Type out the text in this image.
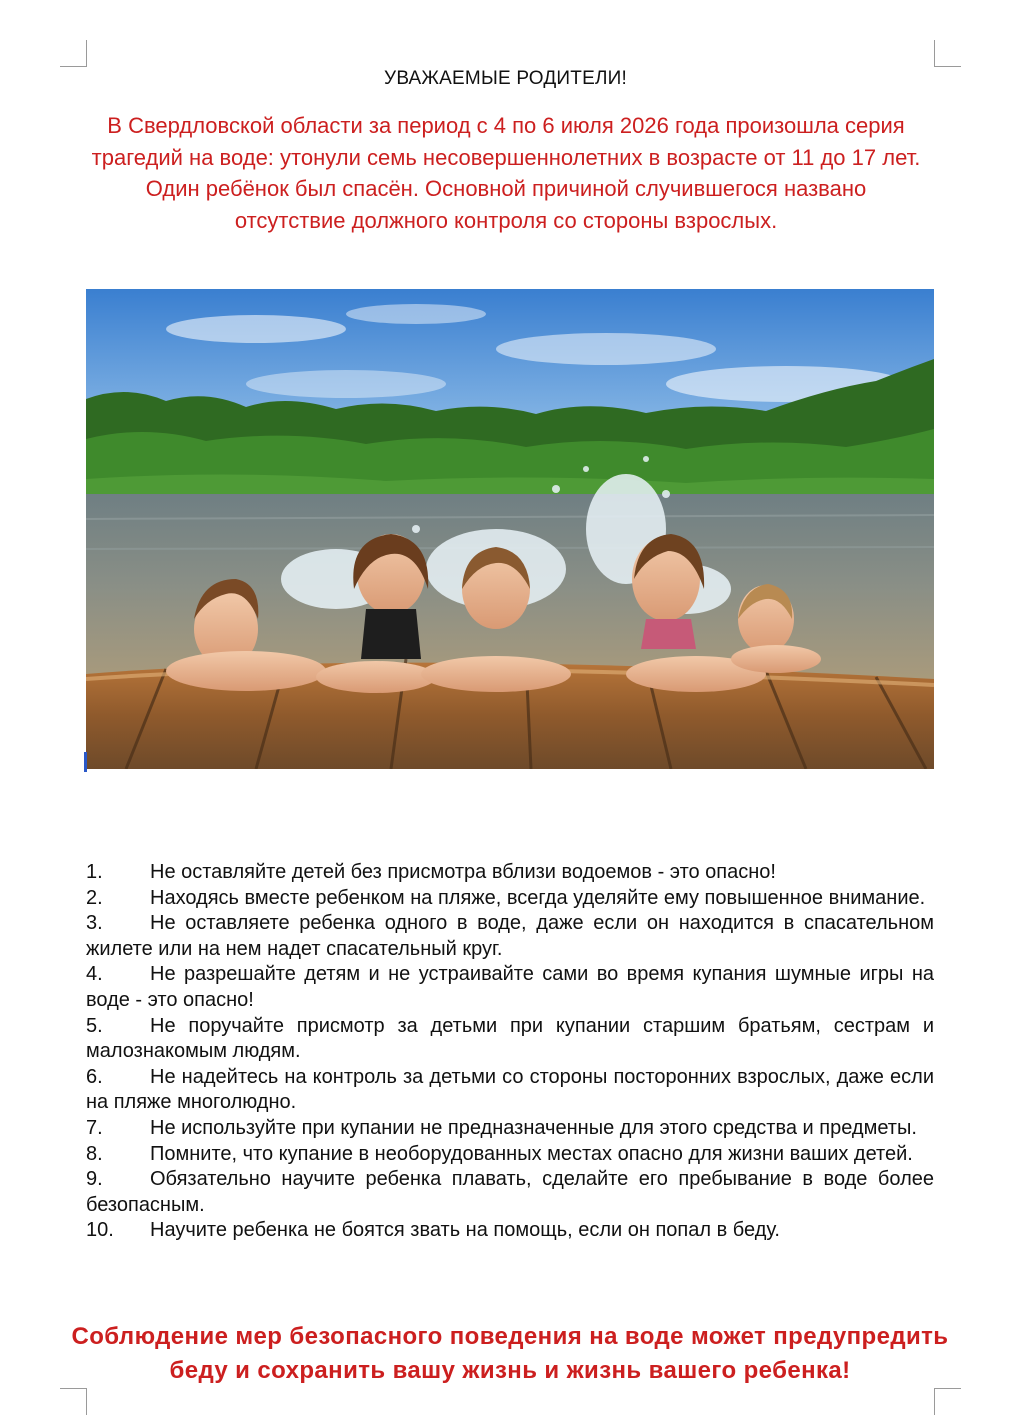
УВАЖАЕМЫЕ РОДИТЕЛИ!

В Свердловской области за период с 4 по 6 июля 2026 года произошла серия трагедий на воде: утонули семь несовершеннолетних в возрасте от 11 до 17 лет. Один ребёнок был спасён. Основной причиной случившегося названо отсутствие должного контроля со стороны взрослых.

1. Не оставляйте детей без присмотра вблизи водоемов - это опасно!
2. Находясь вместе ребенком на пляже, всегда уделяйте ему повышенное внимание.
3. Не оставляете ребенка одного в воде, даже если он находится в спасательном жилете или на нем надет спасательный круг.
4. Не разрешайте детям и не устраивайте сами во время купания шумные игры на воде - это опасно!
5. Не поручайте присмотр за детьми при купании старшим братьям, сестрам и малознакомым людям.
6. Не надейтесь на контроль за детьми со стороны посторонних взрослых, даже если на пляже многолюдно.
7. Не используйте при купании не предназначенные для этого средства и предметы.
8. Помните, что купание в необорудованных местах опасно для жизни ваших детей.
9. Обязательно научите ребенка плавать, сделайте его пребывание в воде более безопасным.
10. Научите ребенка не боятся звать на помощь, если он попал в беду.

Соблюдение мер безопасного поведения на воде может предупредить беду и сохранить вашу жизнь и жизнь вашего ребенка!
